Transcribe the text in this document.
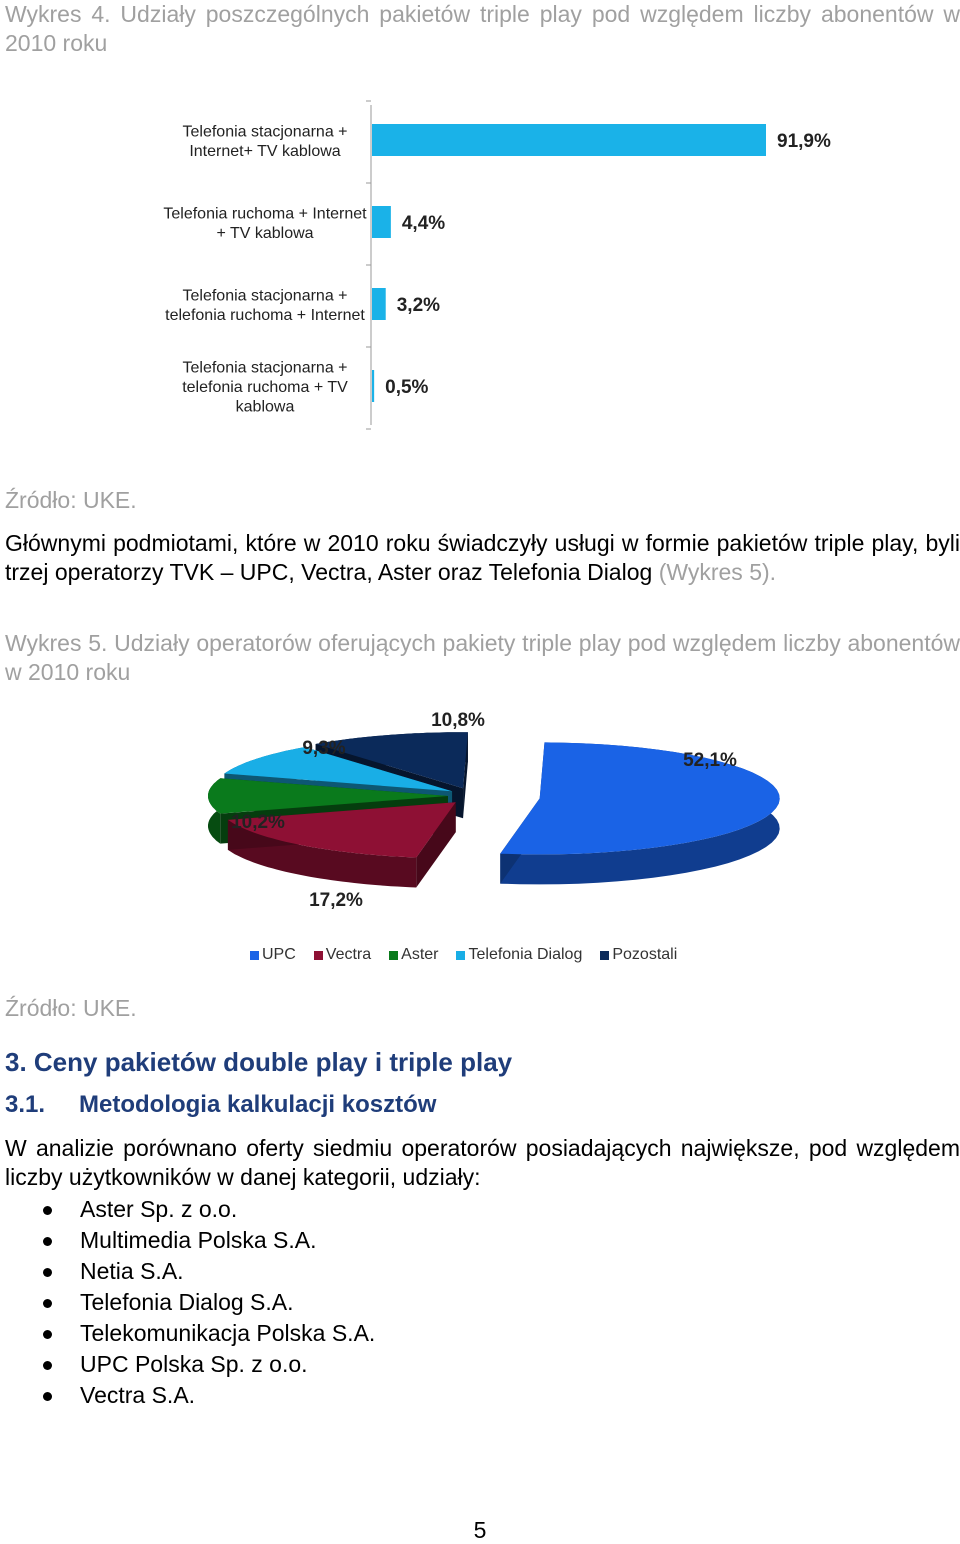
Wykres 4. Udziały poszczególnych pakietów triple play pod względem liczby abonentów w 2010 roku

91,9%
Telefonia stacjonarna +
Internet+ TV kablowa
4,4%
Telefonia ruchoma + Internet
+ TV kablowa
3,2%
Telefonia stacjonarna +
telefonia ruchoma + Internet
0,5%
Telefonia stacjonarna +
telefonia ruchoma + TV
kablowa

Źródło: UKE.

Głównymi podmiotami, które w 2010 roku świadczyły usługi w formie pakietów triple play, byli trzej operatorzy TVK – UPC, Vectra, Aster oraz Telefonia Dialog (Wykres 5).

Wykres 5. Udziały operatorów oferujących pakiety triple play pod względem liczby abonentów w 2010 roku

52,1%
17,2%
10,2%
9,3%
10,8%
UPC Vectra Aster Telefonia Dialog Pozostali

Źródło: UKE.

3. Ceny pakietów double play i triple play
3.1. Metodologia kalkulacji kosztów

W analizie porównano oferty siedmiu operatorów posiadających największe, pod względem liczby użytkowników w danej kategorii, udziały:

Aster Sp. z o.o.
Multimedia Polska S.A.
Netia S.A.
Telefonia Dialog S.A.
Telekomunikacja Polska S.A.
UPC Polska Sp. z o.o.
Vectra S.A.

5
